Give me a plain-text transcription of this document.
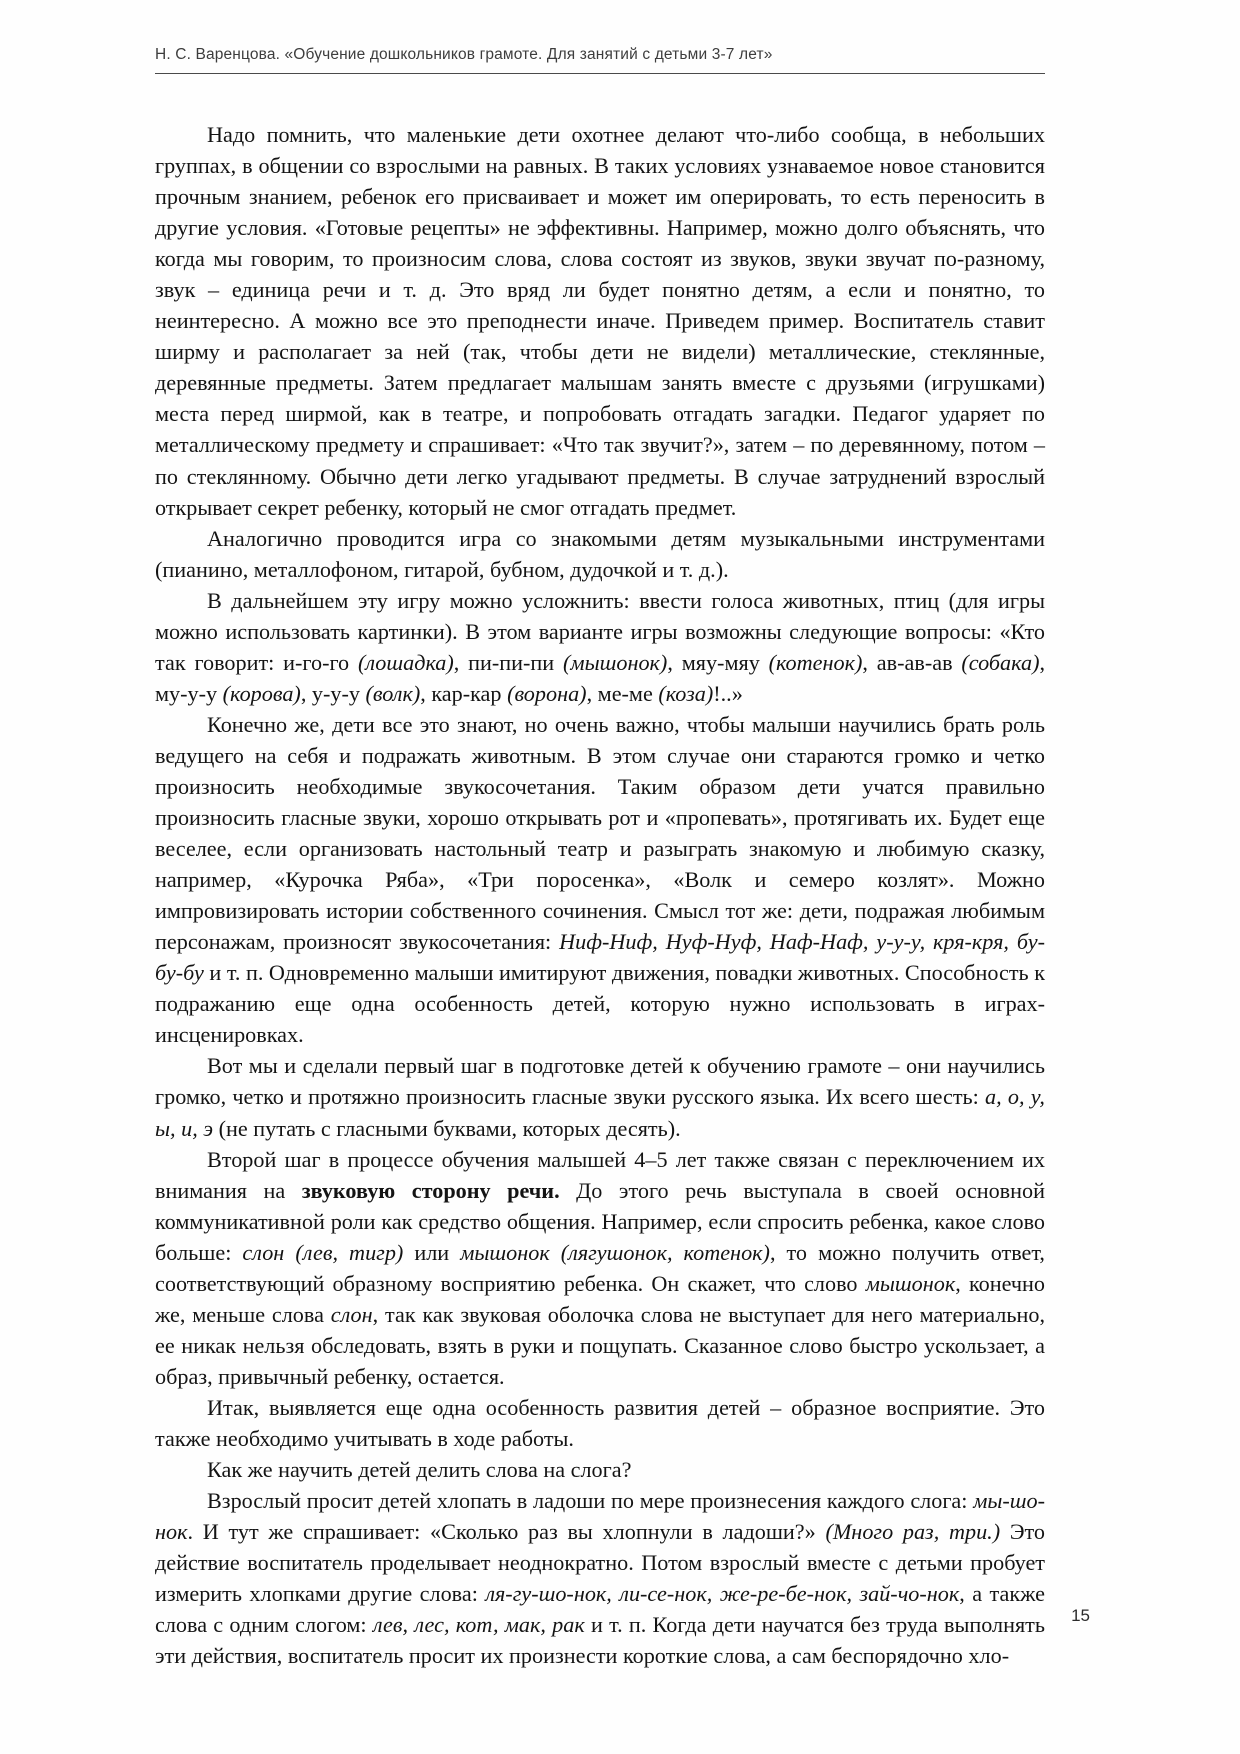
Н. С. Варенцова. «Обучение дошкольников грамоте. Для занятий с детьми 3-7 лет»

Надо помнить, что маленькие дети охотнее делают что-либо сообща, в небольших группах, в общении со взрослыми на равных. В таких условиях узнаваемое новое становится прочным знанием, ребенок его присваивает и может им оперировать, то есть переносить в другие условия. «Готовые рецепты» не эффективны. Например, можно долго объяснять, что когда мы говорим, то произносим слова, слова состоят из звуков, звуки звучат по-разному, звук – единица речи и т. д. Это вряд ли будет понятно детям, а если и понятно, то неинтересно. А можно все это преподнести иначе. Приведем пример. Воспитатель ставит ширму и располагает за ней (так, чтобы дети не видели) металлические, стеклянные, деревянные предметы. Затем предлагает малышам занять вместе с друзьями (игрушками) места перед ширмой, как в театре, и попробовать отгадать загадки. Педагог ударяет по металлическому предмету и спрашивает: «Что так звучит?», затем – по деревянному, потом – по стеклянному. Обычно дети легко угадывают предметы. В случае затруднений взрослый открывает секрет ребенку, который не смог отгадать предмет.

Аналогично проводится игра со знакомыми детям музыкальными инструментами (пианино, металлофоном, гитарой, бубном, дудочкой и т. д.).

В дальнейшем эту игру можно усложнить: ввести голоса животных, птиц (для игры можно использовать картинки). В этом варианте игры возможны следующие вопросы: «Кто так говорит: и-го-го (лошадка), пи-пи-пи (мышонок), мяу-мяу (котенок), ав-ав-ав (собака), му-у-у (корова), у-у-у (волк), кар-кар (ворона), ме-ме (коза)!..»

Конечно же, дети все это знают, но очень важно, чтобы малыши научились брать роль ведущего на себя и подражать животным. В этом случае они стараются громко и четко произносить необходимые звукосочетания. Таким образом дети учатся правильно произносить гласные звуки, хорошо открывать рот и «пропевать», протягивать их. Будет еще веселее, если организовать настольный театр и разыграть знакомую и любимую сказку, например, «Курочка Ряба», «Три поросенка», «Волк и семеро козлят». Можно импровизировать истории собственного сочинения. Смысл тот же: дети, подражая любимым персонажам, произносят звукосочетания: Ниф-Ниф, Нуф-Нуф, Наф-Наф, у-у-у, кря-кря, бу-бу-бу и т. п. Одновременно малыши имитируют движения, повадки животных. Способность к подражанию еще одна особенность детей, которую нужно использовать в играх-инсценировках.

Вот мы и сделали первый шаг в подготовке детей к обучению грамоте – они научились громко, четко и протяжно произносить гласные звуки русского языка. Их всего шесть: а, о, у, ы, и, э (не путать с гласными буквами, которых десять).

Второй шаг в процессе обучения малышей 4–5 лет также связан с переключением их внимания на звуковую сторону речи. До этого речь выступала в своей основной коммуникативной роли как средство общения. Например, если спросить ребенка, какое слово больше: слон (лев, тигр) или мышонок (лягушонок, котенок), то можно получить ответ, соответствующий образному восприятию ребенка. Он скажет, что слово мышонок, конечно же, меньше слова слон, так как звуковая оболочка слова не выступает для него материально, ее никак нельзя обследовать, взять в руки и пощупать. Сказанное слово быстро ускользает, а образ, привычный ребенку, остается.

Итак, выявляется еще одна особенность развития детей – образное восприятие. Это также необходимо учитывать в ходе работы.

Как же научить детей делить слова на слога?

Взрослый просит детей хлопать в ладоши по мере произнесения каждого слога: мы-шо-нок. И тут же спрашивает: «Сколько раз вы хлопнули в ладоши?» (Много раз, три.) Это действие воспитатель проделывает неоднократно. Потом взрослый вместе с детьми пробует измерить хлопками другие слова: ля-гу-шо-нок, ли-се-нок, же-ре-бе-нок, зай-чо-нок, а также слова с одним слогом: лев, лес, кот, мак, рак и т. п. Когда дети научатся без труда выполнять эти действия, воспитатель просит их произнести короткие слова, а сам беспорядочно хло-

15
